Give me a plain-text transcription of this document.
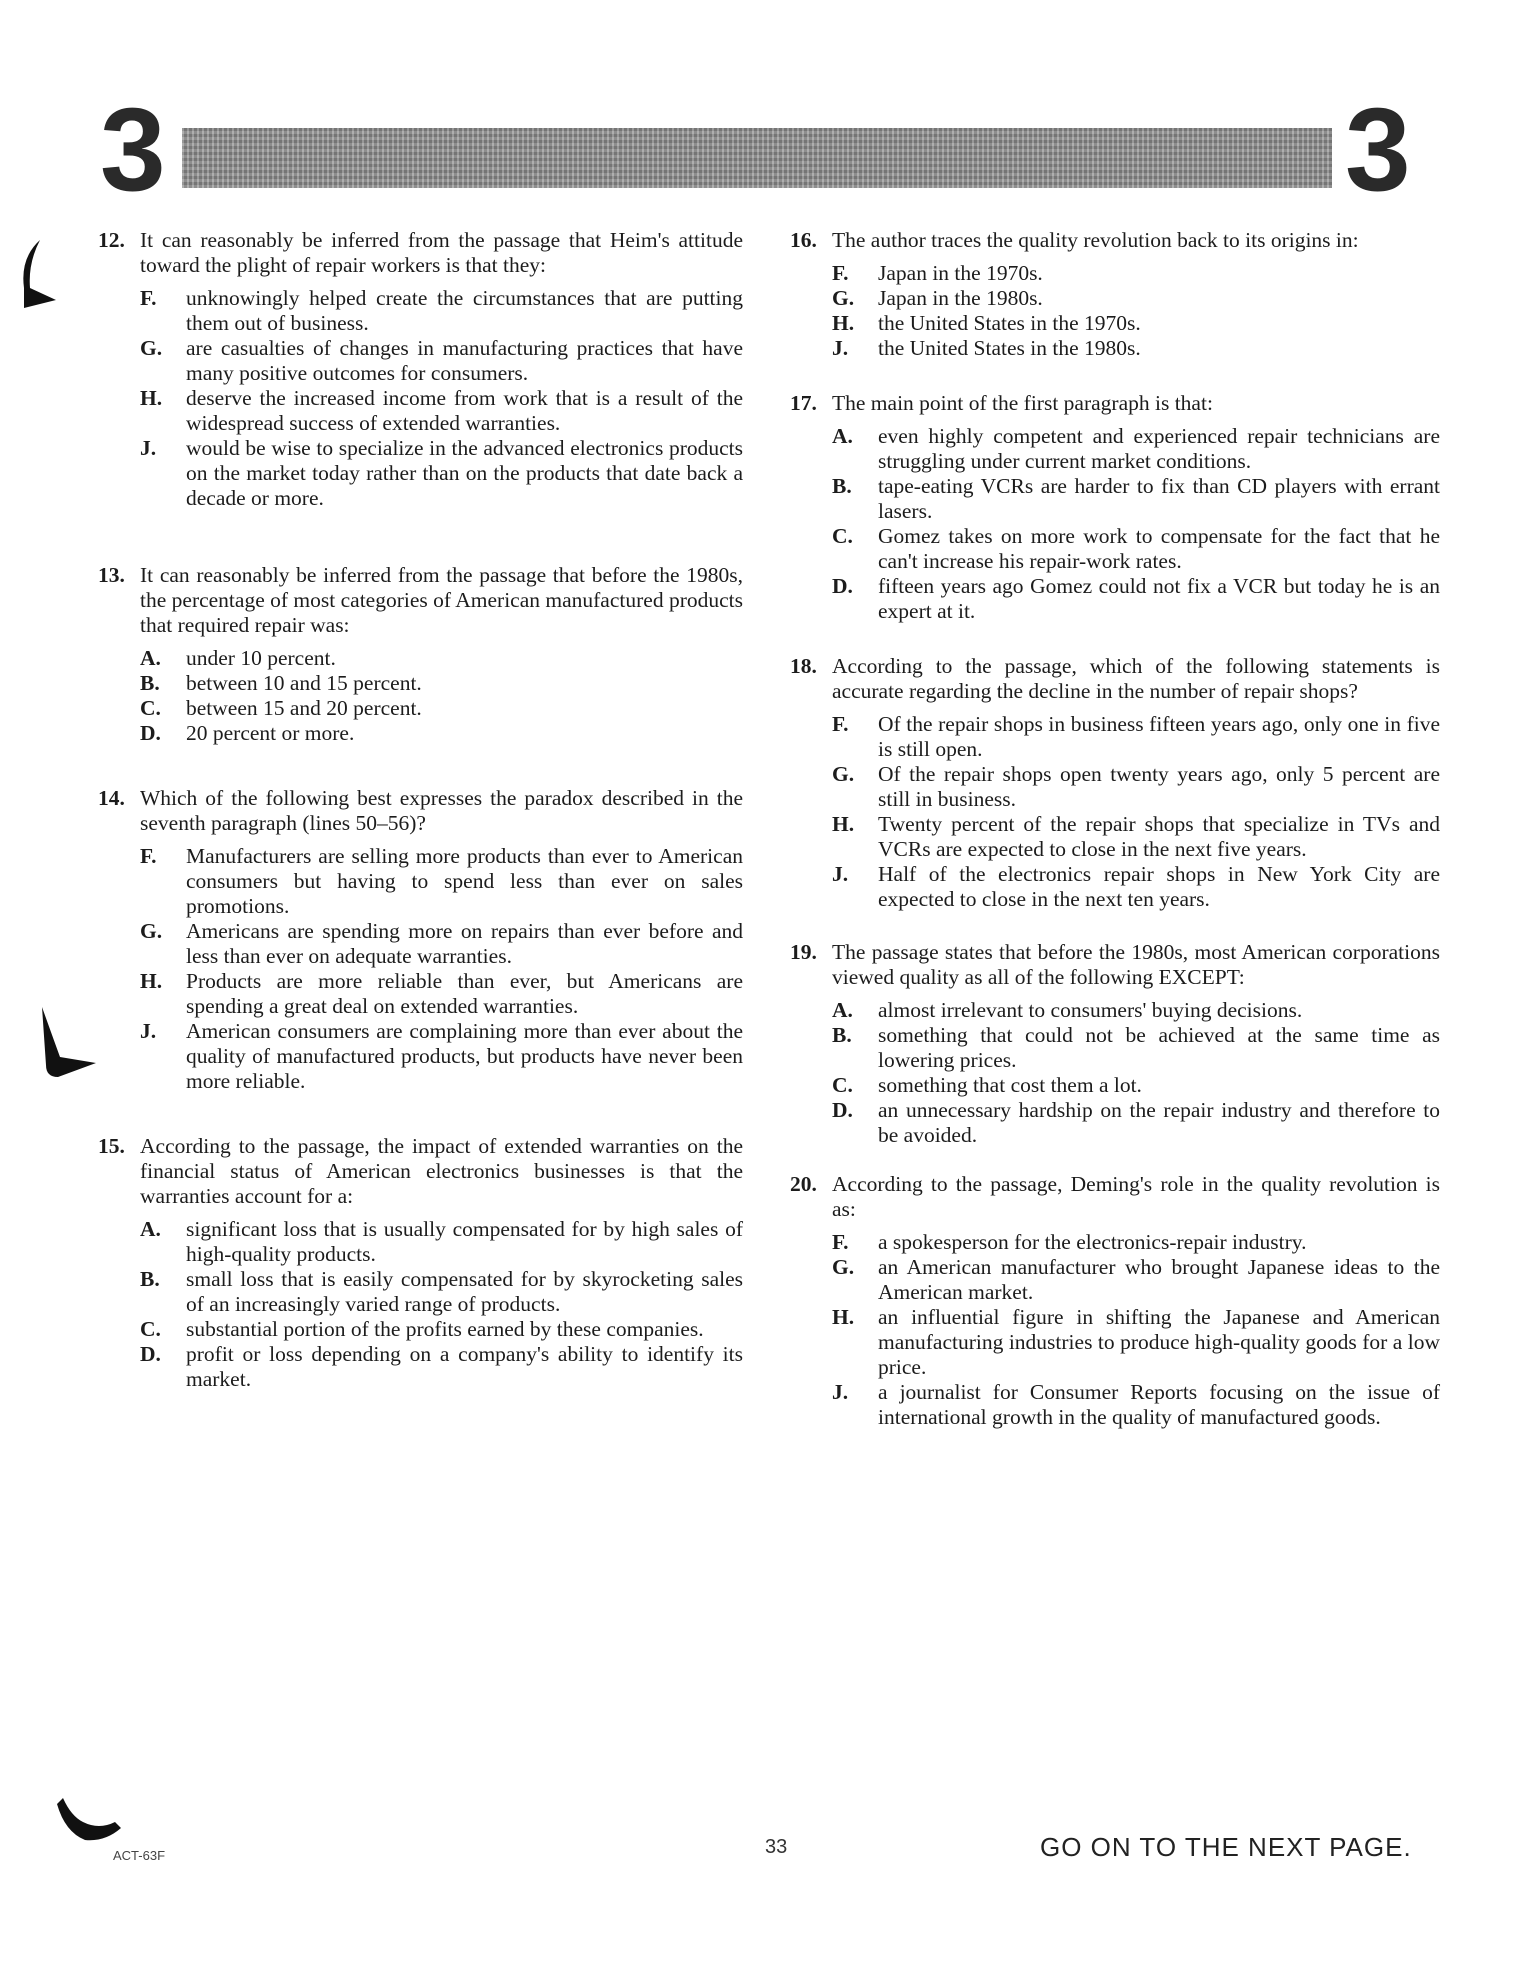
3	3
12. It can reasonably be inferred from the passage that Heim's attitude toward the plight of repair workers is that they:
F. unknowingly helped create the circumstances that are putting them out of business.
G. are casualties of changes in manufacturing practices that have many positive outcomes for consumers.
H. deserve the increased income from work that is a result of the widespread success of extended warranties.
J. would be wise to specialize in the advanced electronics products on the market today rather than on the products that date back a decade or more.
13. It can reasonably be inferred from the passage that before the 1980s, the percentage of most categories of American manufactured products that required repair was:
A. under 10 percent.
B. between 10 and 15 percent.
C. between 15 and 20 percent.
D. 20 percent or more.
14. Which of the following best expresses the paradox described in the seventh paragraph (lines 50–56)?
F. Manufacturers are selling more products than ever to American consumers but having to spend less than ever on sales promotions.
G. Americans are spending more on repairs than ever before and less than ever on adequate warranties.
H. Products are more reliable than ever, but Americans are spending a great deal on extended warranties.
J. American consumers are complaining more than ever about the quality of manufactured products, but products have never been more reliable.
15. According to the passage, the impact of extended warranties on the financial status of American electronics businesses is that the warranties account for a:
A. significant loss that is usually compensated for by high sales of high-quality products.
B. small loss that is easily compensated for by skyrocketing sales of an increasingly varied range of products.
C. substantial portion of the profits earned by these companies.
D. profit or loss depending on a company's ability to identify its market.
16. The author traces the quality revolution back to its origins in:
F. Japan in the 1970s.
G. Japan in the 1980s.
H. the United States in the 1970s.
J. the United States in the 1980s.
17. The main point of the first paragraph is that:
A. even highly competent and experienced repair technicians are struggling under current market conditions.
B. tape-eating VCRs are harder to fix than CD players with errant lasers.
C. Gomez takes on more work to compensate for the fact that he can't increase his repair-work rates.
D. fifteen years ago Gomez could not fix a VCR but today he is an expert at it.
18. According to the passage, which of the following statements is accurate regarding the decline in the number of repair shops?
F. Of the repair shops in business fifteen years ago, only one in five is still open.
G. Of the repair shops open twenty years ago, only 5 percent are still in business.
H. Twenty percent of the repair shops that specialize in TVs and VCRs are expected to close in the next five years.
J. Half of the electronics repair shops in New York City are expected to close in the next ten years.
19. The passage states that before the 1980s, most American corporations viewed quality as all of the following EXCEPT:
A. almost irrelevant to consumers' buying decisions.
B. something that could not be achieved at the same time as lowering prices.
C. something that cost them a lot.
D. an unnecessary hardship on the repair industry and therefore to be avoided.
20. According to the passage, Deming's role in the quality revolution is as:
F. a spokesperson for the electronics-repair industry.
G. an American manufacturer who brought Japanese ideas to the American market.
H. an influential figure in shifting the Japanese and American manufacturing industries to produce high-quality goods for a low price.
J. a journalist for Consumer Reports focusing on the issue of international growth in the quality of manufactured goods.
ACT-63F	33	GO ON TO THE NEXT PAGE.
